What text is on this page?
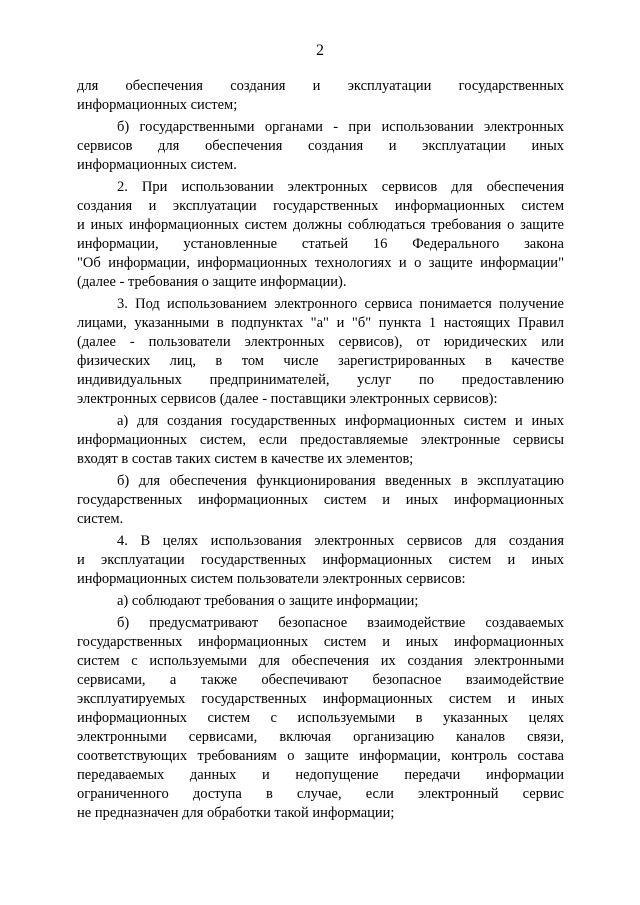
2
для обеспечения создания и эксплуатации государственных
информационных систем;
б) государственными органами - при использовании электронных
сервисов для обеспечения создания и эксплуатации иных
информационных систем.
2. При использовании электронных сервисов для обеспечения
создания и эксплуатации государственных информационных систем
и иных информационных систем должны соблюдаться требования о защите
информации, установленные статьей 16 Федерального закона
"Об информации, информационных технологиях и о защите информации"
(далее - требования о защите информации).
3. Под использованием электронного сервиса понимается получение
лицами, указанными в подпунктах "а" и "б" пункта 1 настоящих Правил
(далее - пользователи электронных сервисов), от юридических или
физических лиц, в том числе зарегистрированных в качестве
индивидуальных предпринимателей, услуг по предоставлению
электронных сервисов (далее - поставщики электронных сервисов):
а) для создания государственных информационных систем и иных
информационных систем, если предоставляемые электронные сервисы
входят в состав таких систем в качестве их элементов;
б) для обеспечения функционирования введенных в эксплуатацию
государственных информационных систем и иных информационных
систем.
4. В целях использования электронных сервисов для создания
и эксплуатации государственных информационных систем и иных
информационных систем пользователи электронных сервисов:
а) соблюдают требования о защите информации;
б) предусматривают безопасное взаимодействие создаваемых
государственных информационных систем и иных информационных
систем с используемыми для обеспечения их создания электронными
сервисами, а также обеспечивают безопасное взаимодействие
эксплуатируемых государственных информационных систем и иных
информационных систем с используемыми в указанных целях
электронными сервисами, включая организацию каналов связи,
соответствующих требованиям о защите информации, контроль состава
передаваемых данных и недопущение передачи информации
ограниченного доступа в случае, если электронный сервис
не предназначен для обработки такой информации;
